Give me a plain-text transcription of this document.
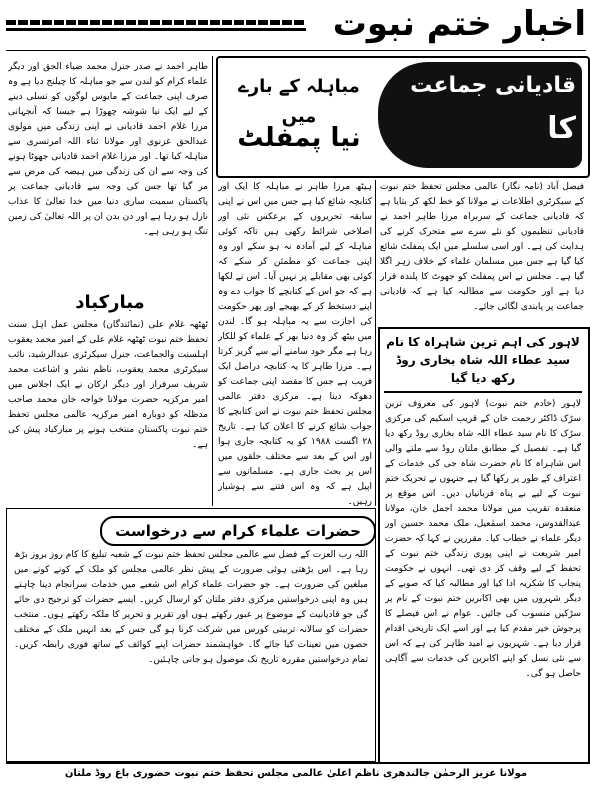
اخبار ختم نبوت

طاہر احمد نے صدر جنرل محمد ضیاء الحق اور دیگر علماء کرام کو لندن سے جو مباہلہ کا چیلنج دیا ہے وہ صرف اپنی جماعت کے مایوس لوگوں کو تسلی دینے کے لیے ایک نیا شوشہ چھوڑا ہے جیسا کہ آنجہانی مرزا غلام احمد قادیانی نے اپنی زندگی میں مولوی عبدالحق غزنوی اور مولانا ثناء اللہ امرتسری سے مباہلہ کیا تھا۔ اور مرزا غلام احمد قادیانی جھوٹا ہونے کی وجہ سے ان کی زندگی میں ہیضہ کی مرض سے مر گیا تھا جس کی وجہ سے قادیانی جماعت پر پاکستان سمیت ساری دنیا میں خدا تعالیٰ کا عذاب نازل ہو رہا ہے اور دن بدن ان پر اللہ تعالیٰ کی زمین تنگ ہو رہی ہے۔

مبارکباد

ٹھٹھہ غلام علی (نمائندگان) مجلس عمل اہل سنت تحفظ ختم نبوت ٹھٹھہ غلام علی کے امیر محمد یعقوب اہلسنت والجماعت، جنرل سیکرٹری عبدالرشید، نائب سیکرٹری محمد یعقوب، ناظم نشر و اشاعت محمد شریف سرفراز اور دیگر ارکان نے ایک اجلاس میں امیر مرکزیہ حضرت مولانا خواجہ خان محمد صاحب مدظلہ کو دوبارہ امیر مرکزیہ عالمی مجلس تحفظ ختم نبوت پاکستان منتخب ہونے پر مبارکباد پیش کی ہے۔

قادیانی جماعت
کا
مباہلہ کے بارے میں
نیا پمفلٹ

ہیٹھ مرزا طاہر نے مباہلہ کا ایک اور کتابچہ شائع کیا ہے جس میں اس نے اپنی سابقہ تحریروں کے برعکس نئی اور اصلاحی شرائط رکھی ہیں تاکہ کوئی مباہلہ کے لیے آمادہ نہ ہو سکے اور وہ اپنی جماعت کو مطمئن کر سکے کہ کوئی بھی مقابلے پر نہیں آیا۔ اس نے لکھا ہے کہ جو اس کے کتابچے کا جواب دے وہ اپنے دستخط کر کے بھیجے اور پھر حکومت کی اجازت سے یہ مباہلہ ہو گا۔ لندن میں بیٹھ کر وہ دنیا بھر کے علماء کو للکار رہا ہے مگر خود سامنے آنے سے گریز کرتا ہے۔ مرزا طاہر کا یہ کتابچہ دراصل ایک فریب ہے جس کا مقصد اپنی جماعت کو دھوکہ دینا ہے۔ مرکزی دفتر عالمی مجلس تحفظ ختم نبوت نے اس کتابچے کا جواب شائع کرنے کا اعلان کیا ہے۔ تاریخ ۲۸ اگست ۱۹۸۸ کو یہ کتابچہ جاری ہوا اور اس کے بعد سے مختلف حلقوں میں اس پر بحث جاری ہے۔ مسلمانوں سے اپیل ہے کہ وہ اس فتنے سے ہوشیار رہیں۔

فیصل آباد (نامہ نگار) عالمی مجلس تحفظ ختم نبوت کے سیکرٹری اطلاعات نے مولانا کو خط لکھ کر بتایا ہے کہ قادیانی جماعت کے سربراہ مرزا طاہر احمد نے قادیانی تنظیموں کو نئے سرے سے متحرک کرنے کی ہدایت کی ہے۔ اور اسی سلسلے میں ایک پمفلٹ شائع کیا گیا ہے جس میں مسلمان علماء کے خلاف زہر اگلا گیا ہے۔ مجلس نے اس پمفلٹ کو جھوٹ کا پلندہ قرار دیا ہے اور حکومت سے مطالبہ کیا ہے کہ قادیانی جماعت پر پابندی لگائی جائے۔

لاہور کی اہم ترین شاہراہ کا نام سید عطاء اللہ شاہ بخاری روڈ رکھ دیا گیا

لاہور (خادم ختم نبوت) لاہور کی معروف ترین سڑک ڈاکٹر رحمت خان کے قریب اسکیم کی مرکزی سڑک کا نام سید عطاء اللہ شاہ بخاری روڈ رکھ دیا گیا ہے۔ تفصیل کے مطابق ملتان روڈ سے ملتے والی اس شاہراہ کا نام حضرت شاہ جی کی خدمات کے اعتراف کے طور پر رکھا گیا ہے جنہوں نے تحریک ختم نبوت کے لیے بے پناہ قربانیاں دیں۔ اس موقع پر منعقدہ تقریب میں مولانا محمد اجمل خان، مولانا عبدالقدوس، محمد اسمٰعیل، ملک محمد حسین اور دیگر علماء نے خطاب کیا۔ مقررین نے کہا کہ حضرت امیر شریعت نے اپنی پوری زندگی ختم نبوت کے تحفظ کے لیے وقف کر دی تھی۔ انہوں نے حکومت پنجاب کا شکریہ ادا کیا اور مطالبہ کیا کہ صوبے کے دیگر شہروں میں بھی اکابرین ختم نبوت کے نام پر سڑکیں منسوب کی جائیں۔ عوام نے اس فیصلے کا پرجوش خیر مقدم کیا ہے اور اسے ایک تاریخی اقدام قرار دیا ہے۔ شہریوں نے امید ظاہر کی ہے کہ اس سے نئی نسل کو اپنے اکابرین کی خدمات سے آگاہی حاصل ہو گی۔

حضرات علماء کرام سے درخواست

اللہ رب العزت کے فضل سے عالمی مجلس تحفظ ختم نبوت کے شعبہ تبلیغ کا کام روز بروز بڑھ رہا ہے۔ اس بڑھتی ہوئی ضرورت کے پیش نظر عالمی مجلس کو ملک کے کونے کونے میں مبلغین کی ضرورت ہے۔ جو حضرات علماء کرام اس شعبے میں خدمات سرانجام دینا چاہتے ہیں وہ اپنی درخواستیں مرکزی دفتر ملتان کو ارسال کریں۔ ایسے حضرات کو ترجیح دی جائے گی جو قادیانیت کے موضوع پر عبور رکھتے ہوں اور تقریر و تحریر کا ملکہ رکھتے ہوں۔ منتخب حضرات کو سالانہ تربیتی کورس میں شرکت کرنا ہو گی جس کے بعد انہیں ملک کے مختلف حصوں میں تعینات کیا جائے گا۔ خواہشمند حضرات اپنے کوائف کے ساتھ فوری رابطہ کریں۔ تمام درخواستیں مقررہ تاریخ تک موصول ہو جانی چاہئیں۔

مولانا عزیز الرحمٰن جالندھری ناظم اعلیٰ عالمی مجلس تحفظ ختم نبوت حضوری باغ روڈ ملتان
